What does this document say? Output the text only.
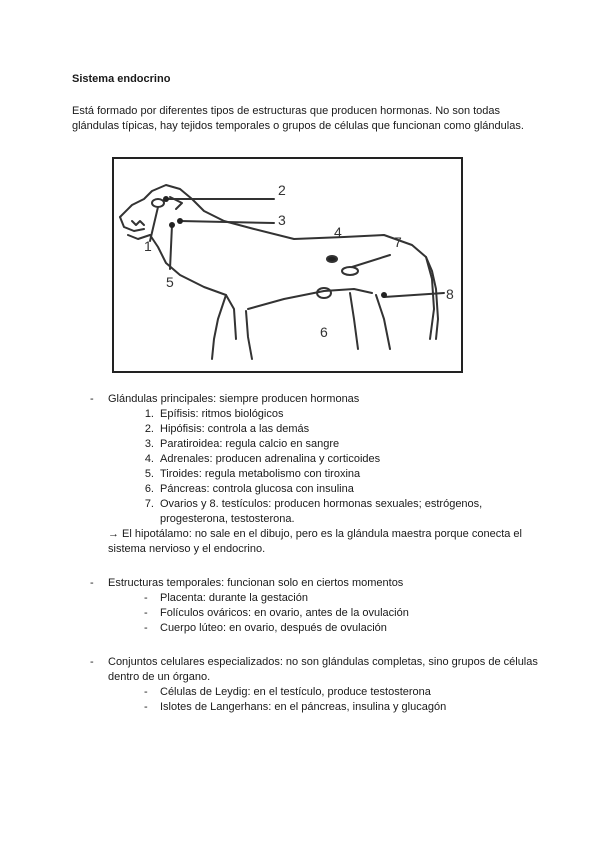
Sistema endocrino

Está formado por diferentes tipos de estructuras que producen hormonas. No son todas glándulas típicas, hay tejidos temporales o grupos de células que funcionan como glándulas.

1
2
3
4
5
6
7
8
- Glándulas principales: siempre producen hormonas
1. Epífisis: ritmos biológicos
2. Hipófisis: controla a las demás
3. Paratiroidea: regula calcio en sangre
4. Adrenales: producen adrenalina y corticoides
5. Tiroides: regula metabolismo con tiroxina
6. Páncreas: controla glucosa con insulina
7. Ovarios y 8. testículos: producen hormonas sexuales; estrógenos, progesterona, testosterona.
→ El hipotálamo: no sale en el dibujo, pero es la glándula maestra porque conecta el sistema nervioso y el endocrino.
- Estructuras temporales: funcionan solo en ciertos momentos
- Placenta: durante la gestación
- Folículos ováricos: en ovario, antes de la ovulación
- Cuerpo lúteo: en ovario, después de ovulación
- Conjuntos celulares especializados: no son glándulas completas, sino grupos de células dentro de un órgano.
- Células de Leydig: en el testículo, produce testosterona
- Islotes de Langerhans: en el páncreas, insulina y glucagón
